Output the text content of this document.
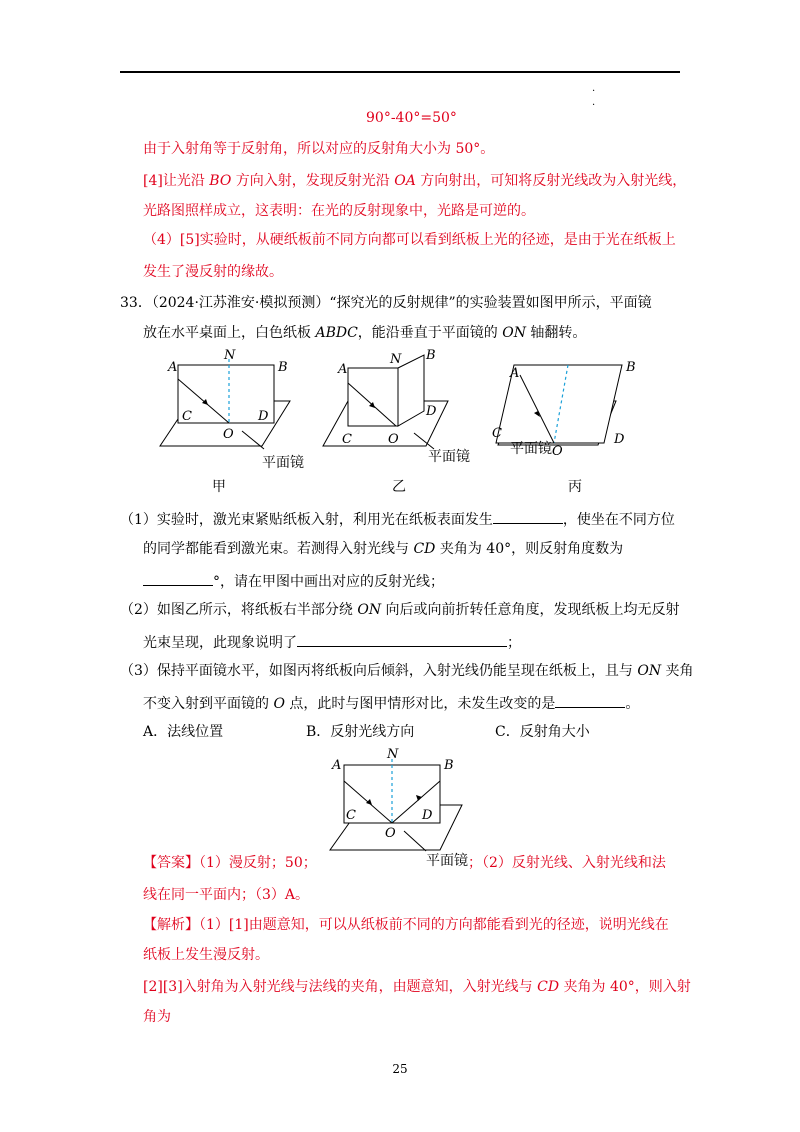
.
.
90°-40°=50°
由于入射角等于反射角，所以对应的反射角大小为 50°。
[4]让光沿 BO 方向入射，发现反射光沿 OA 方向射出，可知将反射光线改为入射光线，
光路图照样成立，这表明：在光的反射现象中，光路是可逆的。
（4）[5]实验时，从硬纸板前不同方向都可以看到纸板上光的径迹，是由于光在纸板上
发生了漫反射的缘故。
33．（2024·江苏淮安·模拟预测）“探究光的反射规律”的实验装置如图甲所示，平面镜
放在水平桌面上，白色纸板 ABDC，能沿垂直于平面镜的 ON 轴翻转。
N
A	B
C	D
O
平面镜
N
A
B
C
D
O
平面镜
A	B
C	D
O
平面镜
甲	乙	丙
（1）实验时，激光束紧贴纸板入射，利用光在纸板表面发生	，使坐在不同方位
的同学都能看到激光束。若测得入射光线与 CD 夹角为 40°，则反射角度数为
°，请在甲图中画出对应的反射光线；
（2）如图乙所示，将纸板右半部分绕 ON 向后或向前折转任意角度，发现纸板上均无反射
光束呈现，此现象说明了	；
（3）保持平面镜水平，如图丙将纸板向后倾斜，入射光线仍能呈现在纸板上，且与 ON 夹角
不变入射到平面镜的 O 点，此时与图甲情形对比，未发生改变的是	。
A．法线位置	B．反射光线方向	C．反射角大小
N
A	B
C	D
O
平面镜
【答案】（1）漫反射；50；	；（2）反射光线、入射光线和法
线在同一平面内；（3）A。
【解析】（1）[1]由题意知，可以从纸板前不同的方向都能看到光的径迹，说明光线在
纸板上发生漫反射。
[2][3]入射角为入射光线与法线的夹角，由题意知，入射光线与 CD 夹角为 40°，则入射
角为
25
